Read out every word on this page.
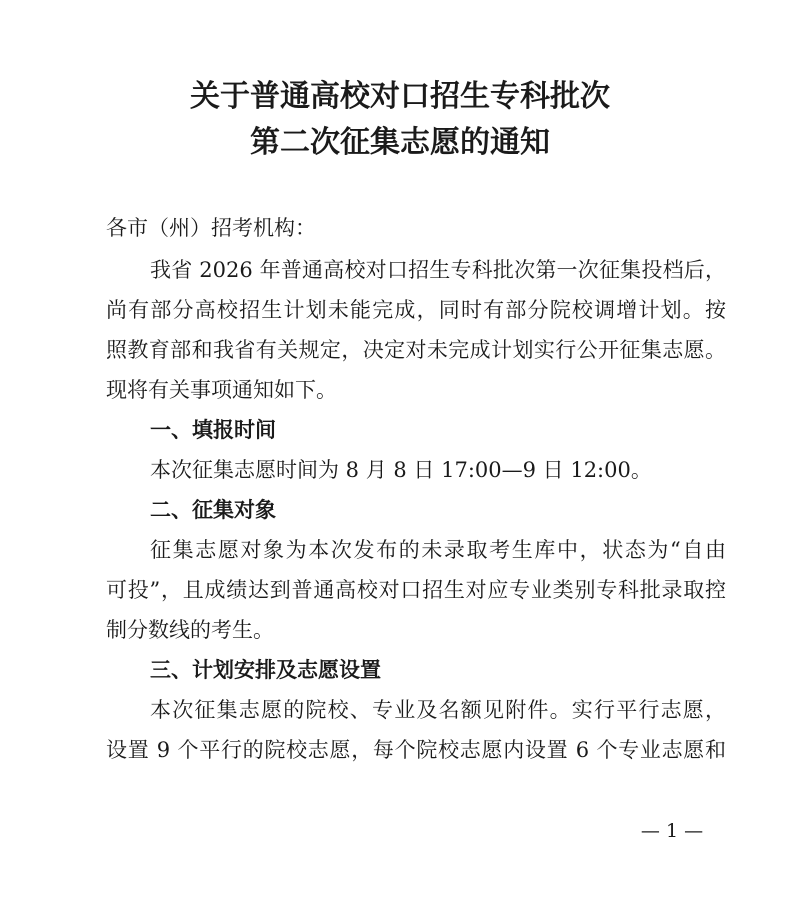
关于普通高校对口招生专科批次
第二次征集志愿的通知
各市（州）招考机构：
我省 2026 年普通高校对口招生专科批次第一次征集投档后，
尚有部分高校招生计划未能完成，同时有部分院校调增计划。按
照教育部和我省有关规定，决定对未完成计划实行公开征集志愿。
现将有关事项通知如下。
一、填报时间
本次征集志愿时间为 8 月 8 日 17:00—9 日 12:00。
二、征集对象
征集志愿对象为本次发布的未录取考生库中，状态为“自由
可投”，且成绩达到普通高校对口招生对应专业类别专科批录取控
制分数线的考生。
三、计划安排及志愿设置
本次征集志愿的院校、专业及名额见附件。实行平行志愿，
设置 9 个平行的院校志愿，每个院校志愿内设置 6 个专业志愿和
— 1 —
